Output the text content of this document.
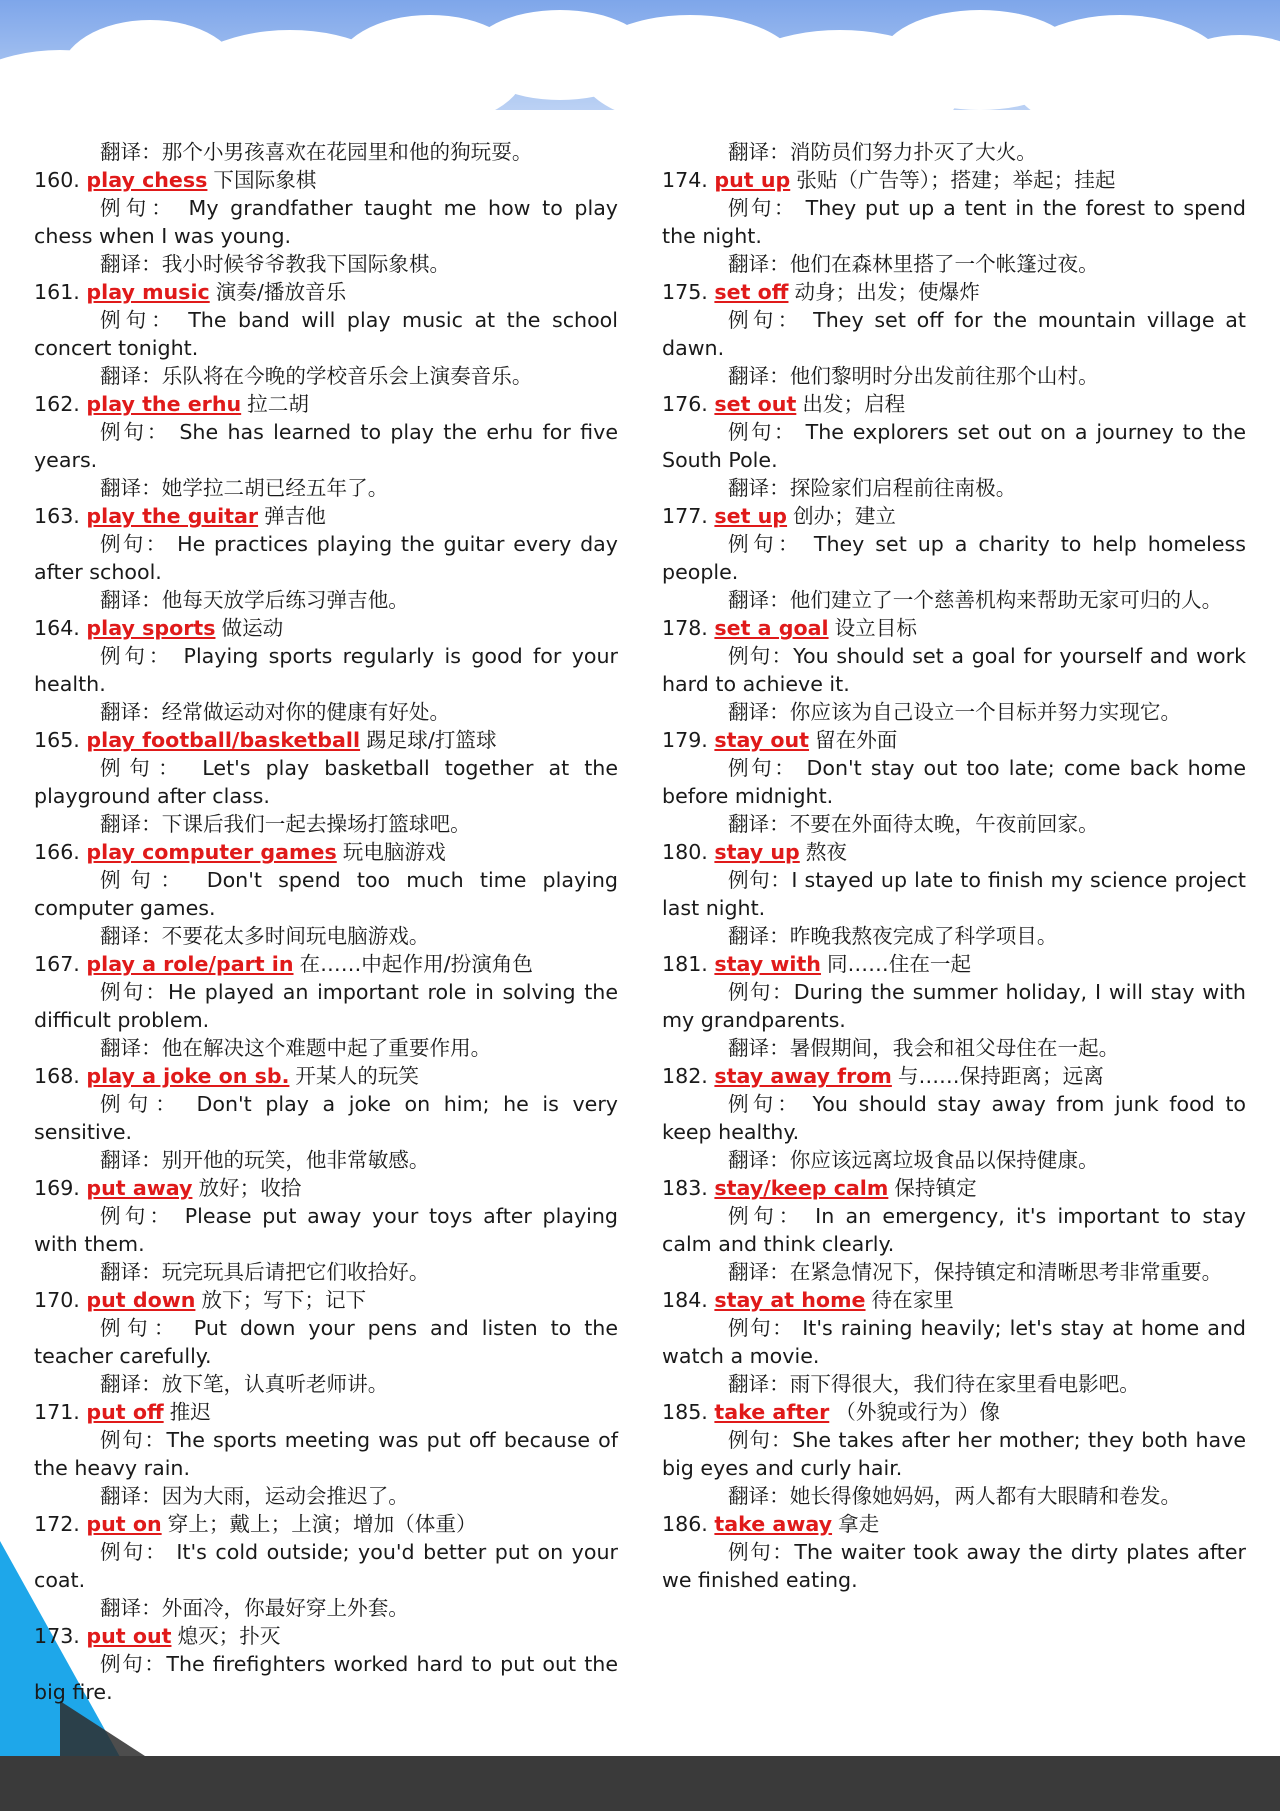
翻译：那个小男孩喜欢在花园里和他的狗玩耍。

160. play chess 下国际象棋

例句： My grandfather taught me how to play chess when I was young.

翻译：我小时候爷爷教我下国际象棋。

161. play music 演奏/播放音乐

例句： The band will play music at the school concert tonight.

翻译：乐队将在今晚的学校音乐会上演奏音乐。

162. play the erhu 拉二胡

例句： She has learned to play the erhu for five years.

翻译：她学拉二胡已经五年了。

163. play the guitar 弹吉他

例句： He practices playing the guitar every day after school.

翻译：他每天放学后练习弹吉他。

164. play sports 做运动

例句： Playing sports regularly is good for your health.

翻译：经常做运动对你的健康有好处。

165. play football/basketball 踢足球/打篮球

例句： Let's play basketball together at the playground after class.

翻译：下课后我们一起去操场打篮球吧。

166. play computer games 玩电脑游戏

例句： Don't spend too much time playing computer games.

翻译：不要花太多时间玩电脑游戏。

167. play a role/part in 在……中起作用/扮演角色

例句：He played an important role in solving the difficult problem.

翻译：他在解决这个难题中起了重要作用。

168. play a joke on sb. 开某人的玩笑

例句： Don't play a joke on him; he is very sensitive.

翻译：别开他的玩笑，他非常敏感。

169. put away 放好；收拾

例句： Please put away your toys after playing with them.

翻译：玩完玩具后请把它们收拾好。

170. put down 放下；写下；记下

例句： Put down your pens and listen to the teacher carefully.

翻译：放下笔，认真听老师讲。

171. put off 推迟

例句：The sports meeting was put off because of the heavy rain.

翻译：因为大雨，运动会推迟了。

172. put on 穿上；戴上；上演；增加（体重）

例句： It's cold outside; you'd better put on your coat.

翻译：外面冷，你最好穿上外套。

173. put out 熄灭；扑灭

例句：The firefighters worked hard to put out the big fire.

翻译：消防员们努力扑灭了大火。

174. put up 张贴（广告等）；搭建；举起；挂起

例句： They put up a tent in the forest to spend the night.

翻译：他们在森林里搭了一个帐篷过夜。

175. set off 动身；出发；使爆炸

例句： They set off for the mountain village at dawn.

翻译：他们黎明时分出发前往那个山村。

176. set out 出发；启程

例句： The explorers set out on a journey to the South Pole.

翻译：探险家们启程前往南极。

177. set up 创办；建立

例句： They set up a charity to help homeless people.

翻译：他们建立了一个慈善机构来帮助无家可归的人。

178. set a goal 设立目标

例句：You should set a goal for yourself and work hard to achieve it.

翻译：你应该为自己设立一个目标并努力实现它。

179. stay out 留在外面

例句： Don't stay out too late; come back home before midnight.

翻译：不要在外面待太晚，午夜前回家。

180. stay up 熬夜

例句：I stayed up late to finish my science project last night.

翻译：昨晚我熬夜完成了科学项目。

181. stay with 同……住在一起

例句：During the summer holiday, I will stay with my grandparents.

翻译：暑假期间，我会和祖父母住在一起。

182. stay away from 与……保持距离；远离

例句： You should stay away from junk food to keep healthy.

翻译：你应该远离垃圾食品以保持健康。

183. stay/keep calm 保持镇定

例句： In an emergency, it's important to stay calm and think clearly.

翻译：在紧急情况下，保持镇定和清晰思考非常重要。

184. stay at home 待在家里

例句： It's raining heavily; let's stay at home and watch a movie.

翻译：雨下得很大，我们待在家里看电影吧。

185. take after （外貌或行为）像

例句：She takes after her mother; they both have big eyes and curly hair.

翻译：她长得像她妈妈，两人都有大眼睛和卷发。

186. take away 拿走

例句：The waiter took away the dirty plates after we finished eating.
